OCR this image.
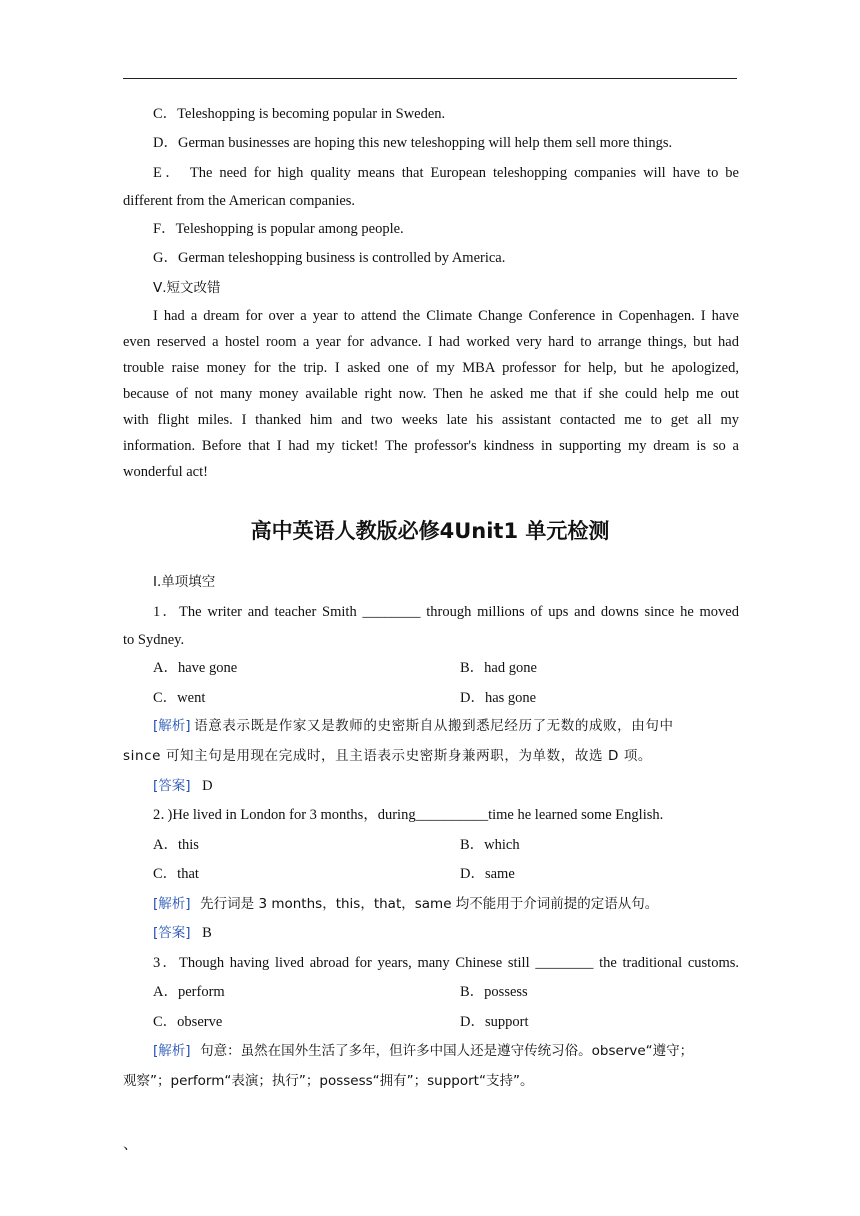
C．Teleshopping is becoming popular in Sweden.
D．German businesses are hoping this new teleshopping will help them sell more things.
E． The need for high quality means that European teleshopping companies will have to be
different from the American companies.
F．Teleshopping is popular among people.
G．German teleshopping business is controlled by America.
Ⅴ.短文改错
I had a dream for over a year to attend the Climate Change Conference in Copenhagen. I have
even reserved a hostel room a year for advance. I had worked very hard to arrange things, but had
trouble raise money for the trip. I asked one of my MBA professor for help, but he apologized,
because of not many money available right now. Then he asked me that if she could help me out
with flight miles. I thanked him and two weeks late his assistant contacted me to get all my
information. Before that I had my ticket! The professor's kindness in supporting my dream is so a
wonderful act!
高中英语人教版必修4Unit1 单元检测
Ⅰ.单项填空
1．The writer and teacher Smith ________ through millions of ups and downs since he moved
to Sydney.
A．have gone	B．had gone
C．went	D．has gone
[解析] 语意表示既是作家又是教师的史密斯自从搬到悉尼经历了无数的成败，由句中
since 可知主句是用现在完成时，且主语表示史密斯身兼两职，为单数，故选 D 项。
[答案] D
2．)He lived in London for 3 months，during__________time he learned some English.
A．this	B．which
C．that	D．same
[解析] 先行词是 3 months，this，that，same 均不能用于介词前提的定语从句。
[答案] B
3．Though having lived abroad for years, many Chinese still ________ the traditional customs.
A．perform	B．possess
C．observe	D．support
[解析] 句意：虽然在国外生活了多年，但许多中国人还是遵守传统习俗。observe“遵守；
观察”；perform“表演；执行”；possess“拥有”；support“支持”。
、
